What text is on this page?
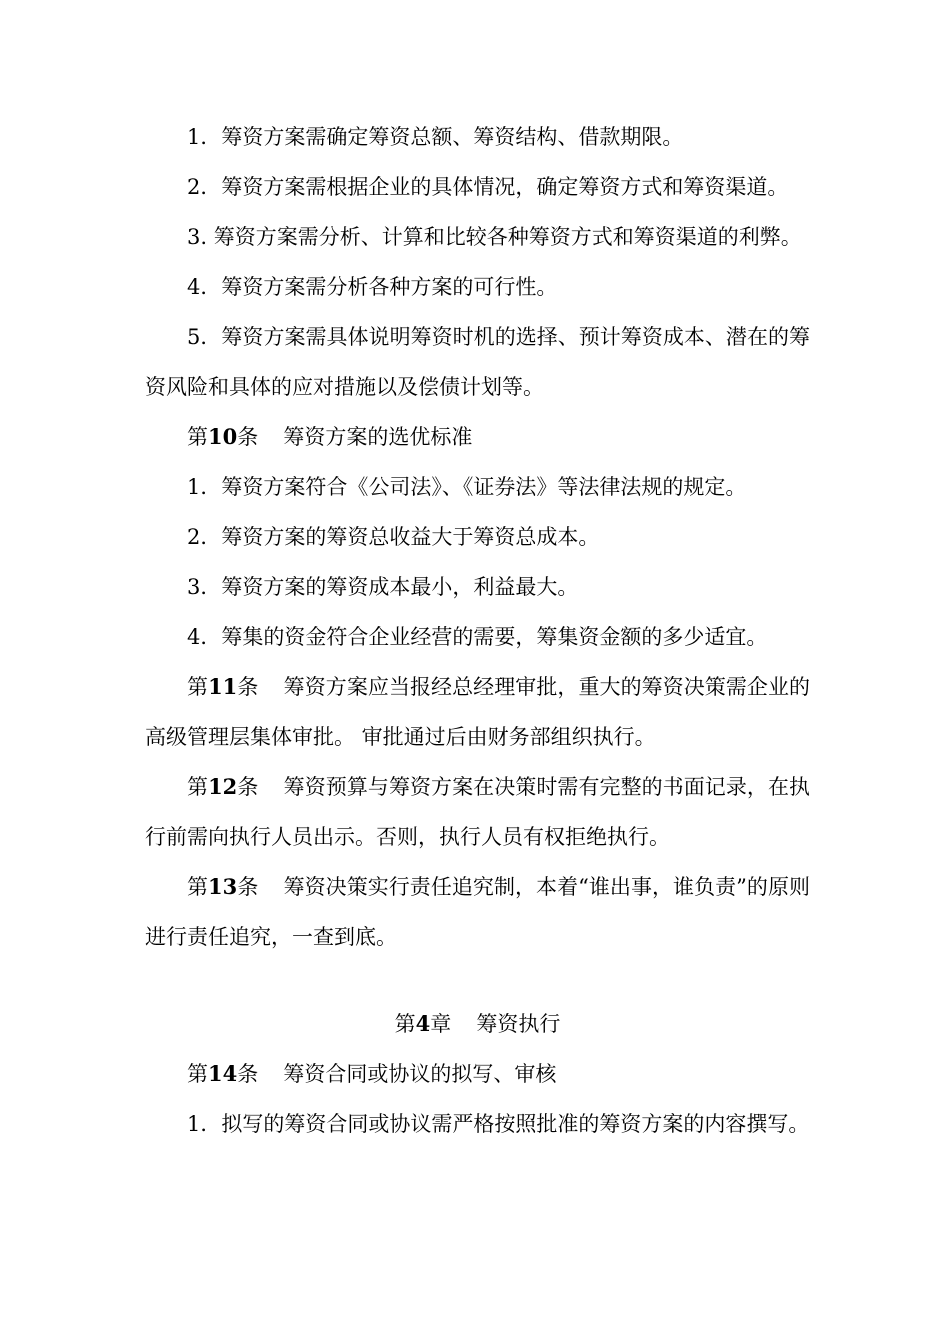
1．筹资方案需确定筹资总额、筹资结构、借款期限。

2．筹资方案需根据企业的具体情况，确定筹资方式和筹资渠道。

3. 筹资方案需分析、计算和比较各种筹资方式和筹资渠道的利弊。

4．筹资方案需分析各种方案的可行性。

5．筹资方案需具体说明筹资时机的选择、预计筹资成本、潜在的筹资风险和具体的应对措施以及偿债计划等。

第10条 筹资方案的选优标准

1．筹资方案符合《公司法》、《证券法》等法律法规的规定。

2．筹资方案的筹资总收益大于筹资总成本。

3．筹资方案的筹资成本最小，利益最大。

4．筹集的资金符合企业经营的需要，筹集资金额的多少适宜。

第11条 筹资方案应当报经总经理审批，重大的筹资决策需企业的高级管理层集体审批。 审批通过后由财务部组织执行。

第12条 筹资预算与筹资方案在决策时需有完整的书面记录，在执行前需向执行人员出示。否则，执行人员有权拒绝执行。

第13条 筹资决策实行责任追究制，本着“谁出事，谁负责”的原则进行责任追究，一查到底。

第4章 筹资执行

第14条 筹资合同或协议的拟写、审核

1．拟写的筹资合同或协议需严格按照批准的筹资方案的内容撰写。
